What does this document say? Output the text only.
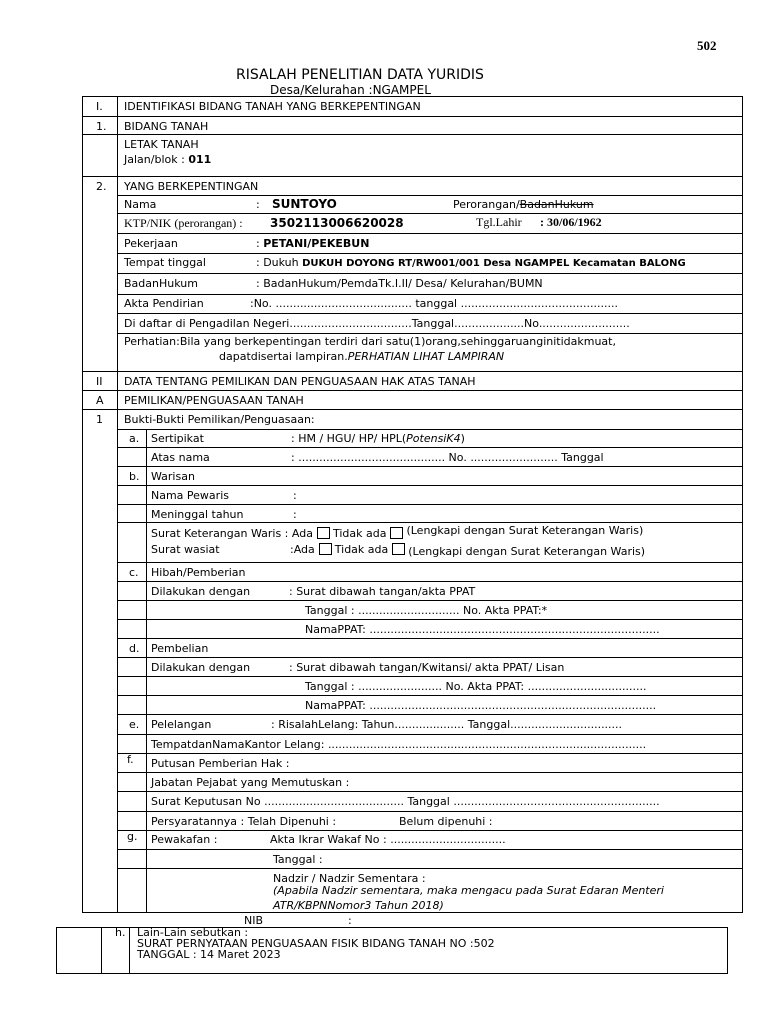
502
RISALAH PENELITIAN DATA YURIDIS
Desa/Kelurahan :NGAMPEL
I. IDENTIFIKASI BIDANG TANAH YANG BERKEPENTINGAN
1. BIDANG TANAH
LETAK TANAH
Jalan/blok : 011
2. YANG BERKEPENTINGAN
Nama	: SUNTOYO	Perorangan/BadanHukum
KTP/NIK (perorangan) : 3502113006620028	Tgl.Lahir : 30/06/1962
Pekerjaan	: PETANI/PEKEBUN
Tempat tinggal	: Dukuh DUKUH DOYONG RT/RW001/001 Desa NGAMPEL Kecamatan BALONG
BadanHukum	: BadanHukum/PemdaTk.I.II/ Desa/ Kelurahan/BUMN
Akta Pendirian	:No. ....................................... tanggal .............................................
Di daftar di Pengadilan Negeri...................................Tanggal....................No..........................
Perhatian:Bila yang berkepentingan terdiri dari satu(1)orang,sehinggaruanginitidakmuat,
dapatdisertai lampiran.PERHATIAN LIHAT LAMPIRAN
II DATA TENTANG PEMILIKAN DAN PENGUASAAN HAK ATAS TANAH
A PEMILIKAN/PENGUASAAN TANAH
1 Bukti-Bukti Pemilikan/Penguasaan:
a. Sertipikat	: HM / HGU/ HP/ HPL(PotensiK4)
Atas nama	: .......................................... No. ......................... Tanggal
b. Warisan
Nama Pewaris	:
Meninggal tahun	:
Surat Keterangan Waris : Ada Tidak ada (Lengkapi dengan Surat Keterangan Waris)
Surat wasiat	:Ada Tidak ada (Lengkapi dengan Surat Keterangan Waris)
c. Hibah/Pemberian
Dilakukan dengan	: Surat dibawah tangan/akta PPAT
Tanggal : ............................. No. Akta PPAT:*
NamaPPAT: ...................................................................................
d. Pembelian
Dilakukan dengan	: Surat dibawah tangan/Kwitansi/ akta PPAT/ Lisan
Tanggal : ........................ No. Akta PPAT: ..................................
NamaPPAT: ..................................................................................
e. Pelelangan	: RisalahLelang: Tahun.................... Tanggal................................
TempatdanNamaKantor Lelang: ...........................................................................................
f. Putusan Pemberian Hak :
Jabatan Pejabat yang Memutuskan :
Surat Keputusan No ........................................ Tanggal ...........................................................
Persyaratannya : Telah Dipenuhi :	Belum dipenuhi :
g. Pewakafan :	Akta Ikrar Wakaf No : .................................
Tanggal :
Nadzir / Nadzir Sementara :
(Apabila Nadzir sementara, maka mengacu pada Surat Edaran Menteri
ATR/KBPNNomor3 Tahun 2018)
NIB	:
h. Lain-Lain sebutkan :
SURAT PERNYATAAN PENGUASAAN FISIK BIDANG TANAH NO :502
TANGGAL : 14 Maret 2023
